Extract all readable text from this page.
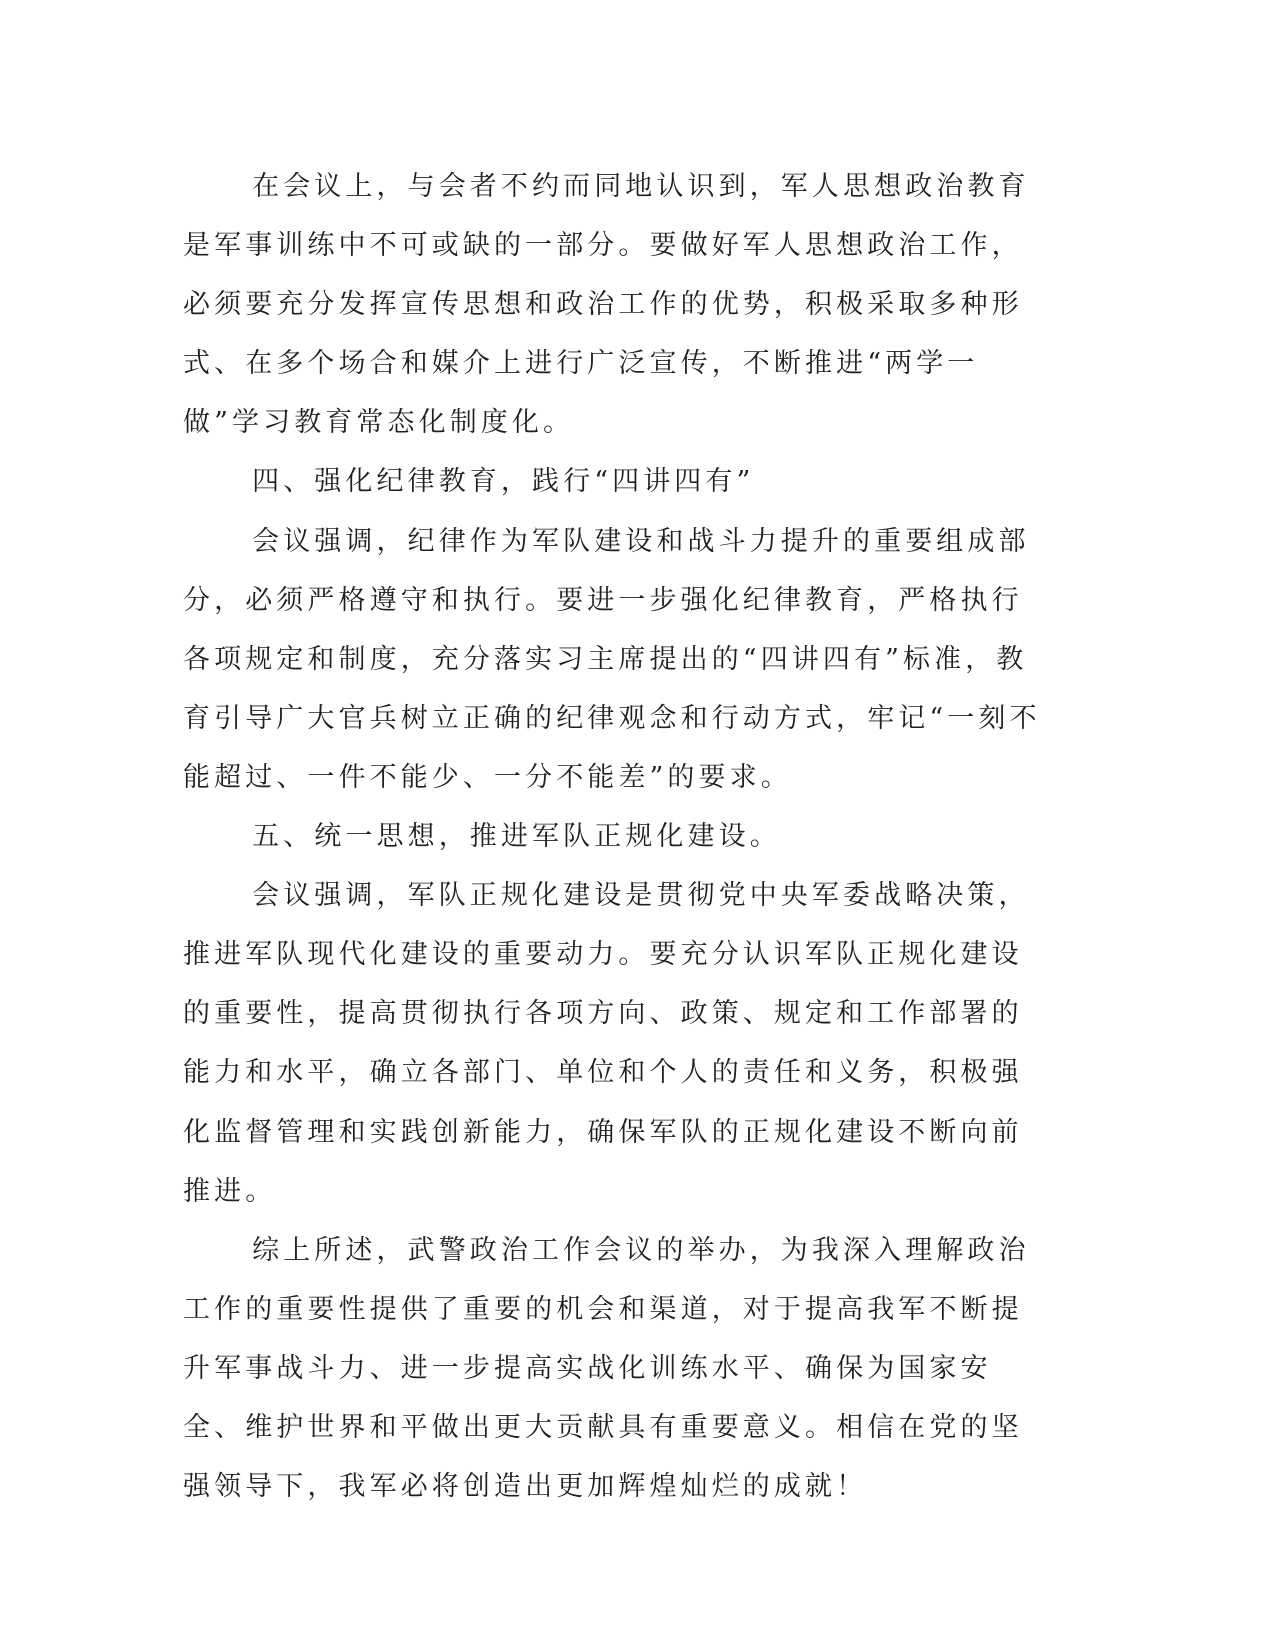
在会议上，与会者不约而同地认识到，军人思想政治教育是军事训练中不可或缺的一部分。要做好军人思想政治工作，必须要充分发挥宣传思想和政治工作的优势，积极采取多种形式、在多个场合和媒介上进行广泛宣传，不断推进“两学一做”学习教育常态化制度化。

四、强化纪律教育，践行“四讲四有”

会议强调，纪律作为军队建设和战斗力提升的重要组成部分，必须严格遵守和执行。要进一步强化纪律教育，严格执行各项规定和制度，充分落实习主席提出的“四讲四有”标准，教育引导广大官兵树立正确的纪律观念和行动方式，牢记“一刻不能超过、一件不能少、一分不能差”的要求。

五、统一思想，推进军队正规化建设。

会议强调，军队正规化建设是贯彻党中央军委战略决策，推进军队现代化建设的重要动力。要充分认识军队正规化建设的重要性，提高贯彻执行各项方向、政策、规定和工作部署的能力和水平，确立各部门、单位和个人的责任和义务，积极强化监督管理和实践创新能力，确保军队的正规化建设不断向前推进。

综上所述，武警政治工作会议的举办，为我深入理解政治工作的重要性提供了重要的机会和渠道，对于提高我军不断提升军事战斗力、进一步提高实战化训练水平、确保为国家安全、维护世界和平做出更大贡献具有重要意义。相信在党的坚强领导下，我军必将创造出更加辉煌灿烂的成就！
